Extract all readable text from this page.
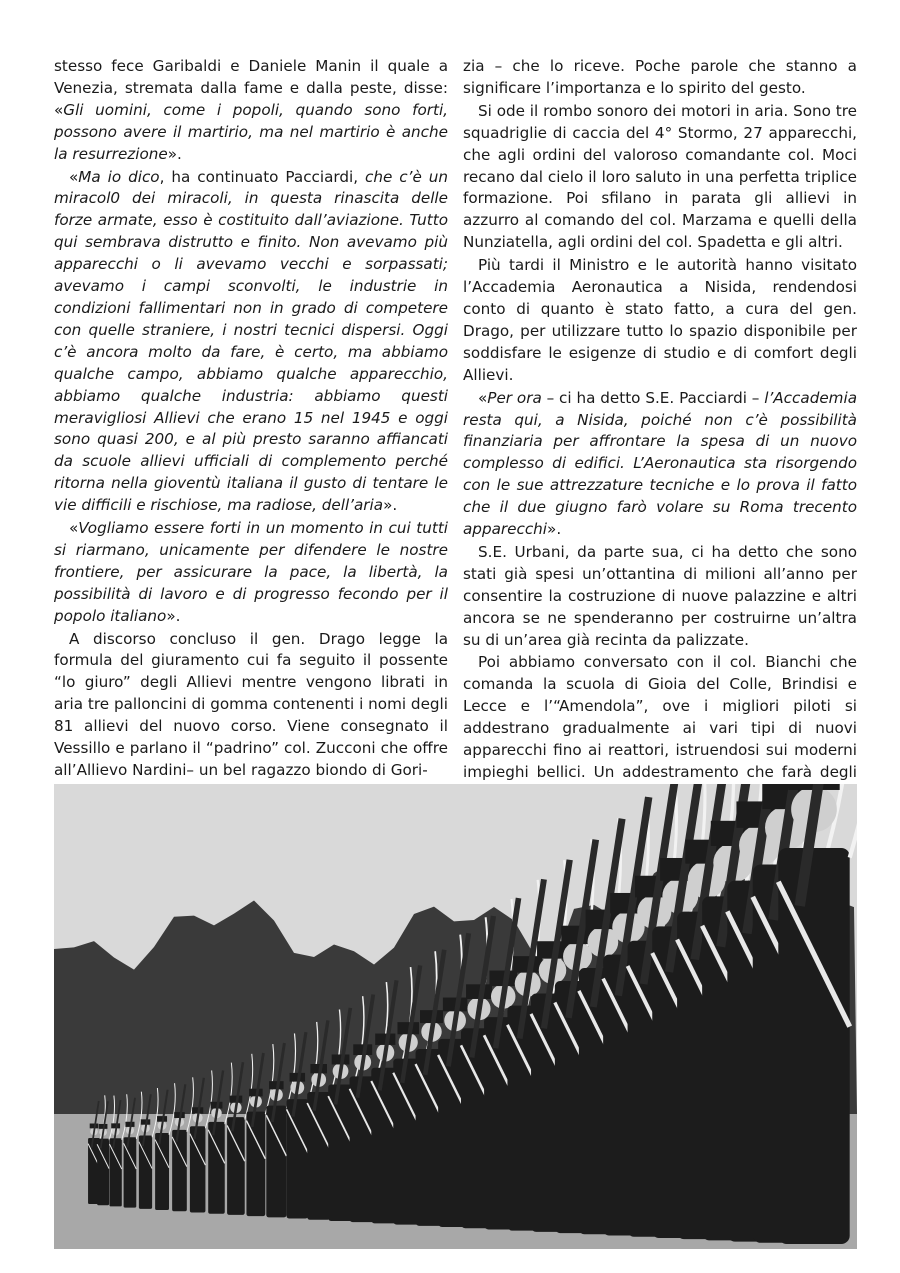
stesso fece Garibaldi e Daniele Manin il quale a Venezia, stremata dalla fame e dalla peste, disse: «Gli uomini, come i popoli, quando sono forti, possono avere il martirio, ma nel martirio è anche la resurrezione».

«Ma io dico, ha continuato Pacciardi, che c’è un miracol0 dei miracoli, in questa rinascita delle forze armate, esso è costituito dall’aviazione. Tutto qui sembrava distrutto e finito. Non avevamo più apparecchi o li avevamo vecchi e sorpassati; avevamo i campi sconvolti, le industrie in condizioni fallimentari non in grado di competere con quelle straniere, i nostri tecnici dispersi. Oggi c’è ancora molto da fare, è certo, ma abbiamo qualche campo, abbiamo qualche apparecchio, abbiamo qualche industria: abbiamo questi meravigliosi Allievi che erano 15 nel 1945 e oggi sono quasi 200, e al più presto saranno affiancati da scuole allievi ufficiali di complemento perché ritorna nella gioventù italiana il gusto di tentare le vie difficili e rischiose, ma radiose, dell’aria».

«Vogliamo essere forti in un momento in cui tutti si riarmano, unicamente per difendere le nostre frontiere, per assicurare la pace, la libertà, la possibilità di lavoro e di progresso fecondo per il popolo italiano».

A discorso concluso il gen. Drago legge la formula del giuramento cui fa seguito il possente “lo giuro” degli Allievi mentre vengono librati in aria tre palloncini di gomma contenenti i nomi degli 81 allievi del nuovo corso. Viene consegnato il Vessillo e parlano il “padrino” col. Zucconi che offre all’Allievo Nardini– un bel ragazzo biondo di Gori-

zia – che lo riceve. Poche parole che stanno a significare l’importanza e lo spirito del gesto.

Si ode il rombo sonoro dei motori in aria. Sono tre squadriglie di caccia del 4° Stormo, 27 apparecchi, che agli ordini del valoroso comandante col. Moci recano dal cielo il loro saluto in una perfetta triplice formazione. Poi sfilano in parata gli allievi in azzurro al comando del col. Marzama e quelli della Nunziatella, agli ordini del col. Spadetta e gli altri.

Più tardi il Ministro e le autorità hanno visitato l’Accademia Aeronautica a Nisida, rendendosi conto di quanto è stato fatto, a cura del gen. Drago, per utilizzare tutto lo spazio disponibile per soddisfare le esigenze di studio e di comfort degli Allievi.

«Per ora – ci ha detto S.E. Pacciardi – l’Accademia resta qui, a Nisida, poiché non c’è possibilità finanziaria per affrontare la spesa di un nuovo complesso di edifici. L’Aeronautica sta risorgendo con le sue attrezzature tecniche e lo prova il fatto che il due giugno farò volare su Roma trecento apparecchi».

S.E. Urbani, da parte sua, ci ha detto che sono stati già spesi un’ottantina di milioni all’anno per consentire la costruzione di nuove palazzine e altri ancora se ne spenderanno per costruirne un’altra su di un’area già recinta da palizzate.

Poi abbiamo conversato con il col. Bianchi che comanda la scuola di Gioia del Colle, Brindisi e Lecce e l’“Amendola”, ove i migliori piloti si addestrano gradualmente ai vari tipi di nuovi apparecchi fino ai reattori, istruendosi sui moderni impieghi bellici. Un addestramento che farà degli
